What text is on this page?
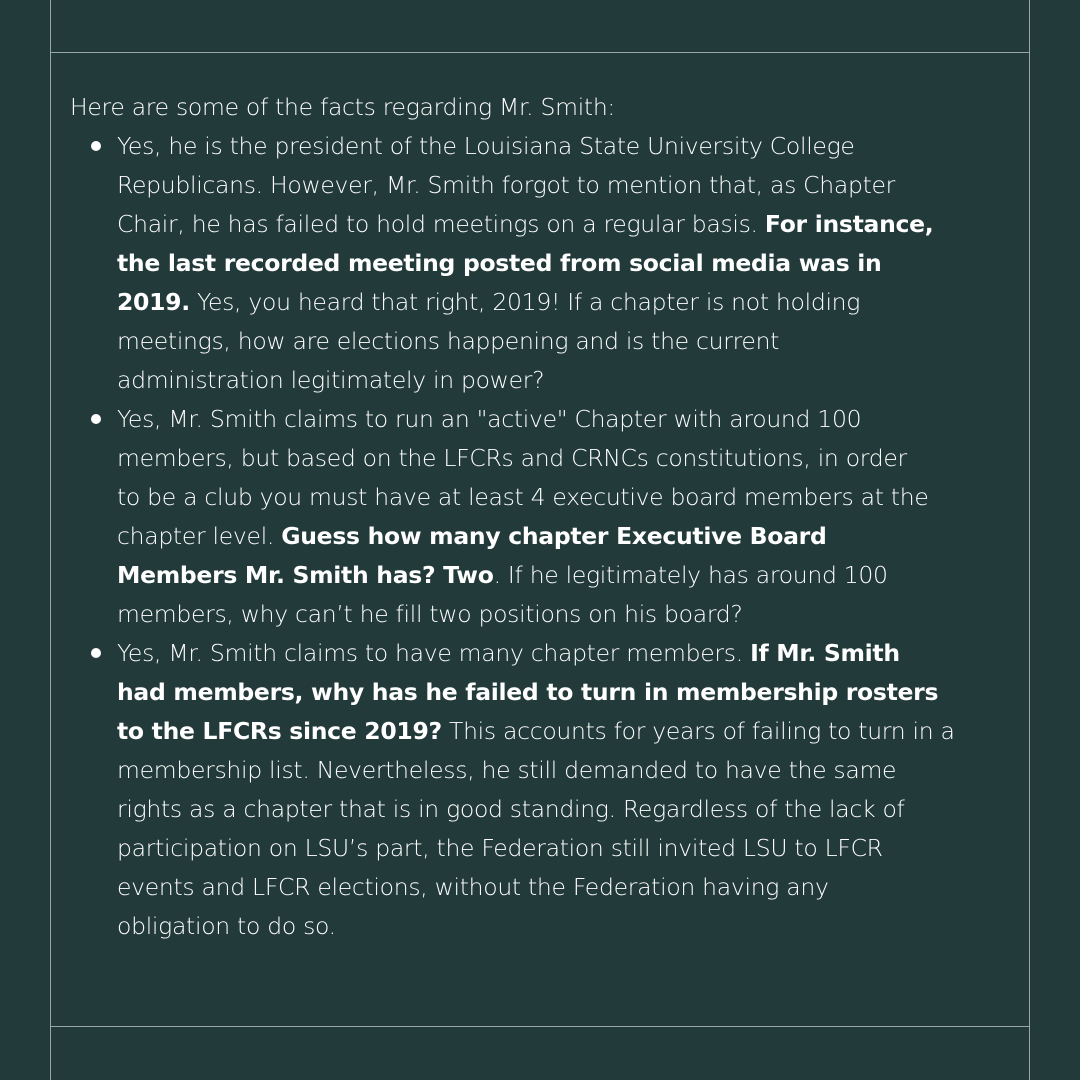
Here are some of the facts regarding Mr. Smith:

Yes, he is the president of the Louisiana State University College
Republicans. However, Mr. Smith forgot to mention that, as Chapter
Chair, he has failed to hold meetings on a regular basis. For instance,
the last recorded meeting posted from social media was in
2019. Yes, you heard that right, 2019! If a chapter is not holding
meetings, how are elections happening and is the current
administration legitimately in power?
Yes, Mr. Smith claims to run an "active" Chapter with around 100
members, but based on the LFCRs and CRNCs constitutions, in order
to be a club you must have at least 4 executive board members at the
chapter level. Guess how many chapter Executive Board
Members Mr. Smith has? Two. If he legitimately has around 100
members, why can’t he fill two positions on his board?
Yes, Mr. Smith claims to have many chapter members. If Mr. Smith
had members, why has he failed to turn in membership rosters
to the LFCRs since 2019? This accounts for years of failing to turn in a
membership list. Nevertheless, he still demanded to have the same
rights as a chapter that is in good standing. Regardless of the lack of
participation on LSU’s part, the Federation still invited LSU to LFCR
events and LFCR elections, without the Federation having any
obligation to do so.
